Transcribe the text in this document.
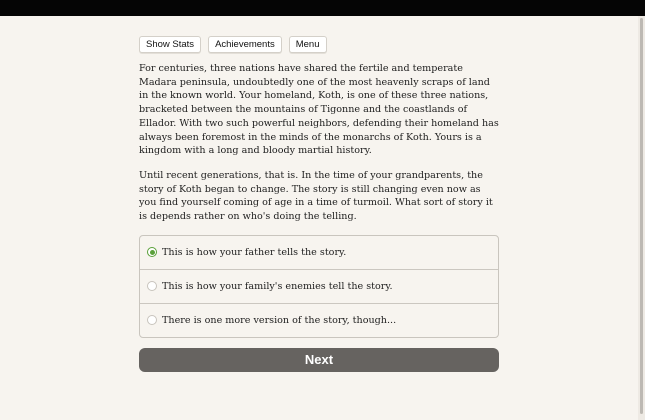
Show Stats	Achievements	Menu

For centuries, three nations have shared the fertile and temperate Madara peninsula, undoubtedly one of the most heavenly scraps of land in the known world. Your homeland, Koth, is one of these three nations, bracketed between the mountains of Tigonne and the coastlands of Ellador. With two such powerful neighbors, defending their homeland has always been foremost in the minds of the monarchs of Koth. Yours is a kingdom with a long and bloody martial history.

Until recent generations, that is. In the time of your grandparents, the story of Koth began to change. The story is still changing even now as you find yourself coming of age in a time of turmoil. What sort of story it is depends rather on who's doing the telling.

This is how your father tells the story.
This is how your family's enemies tell the story.
There is one more version of the story, though...
Next
